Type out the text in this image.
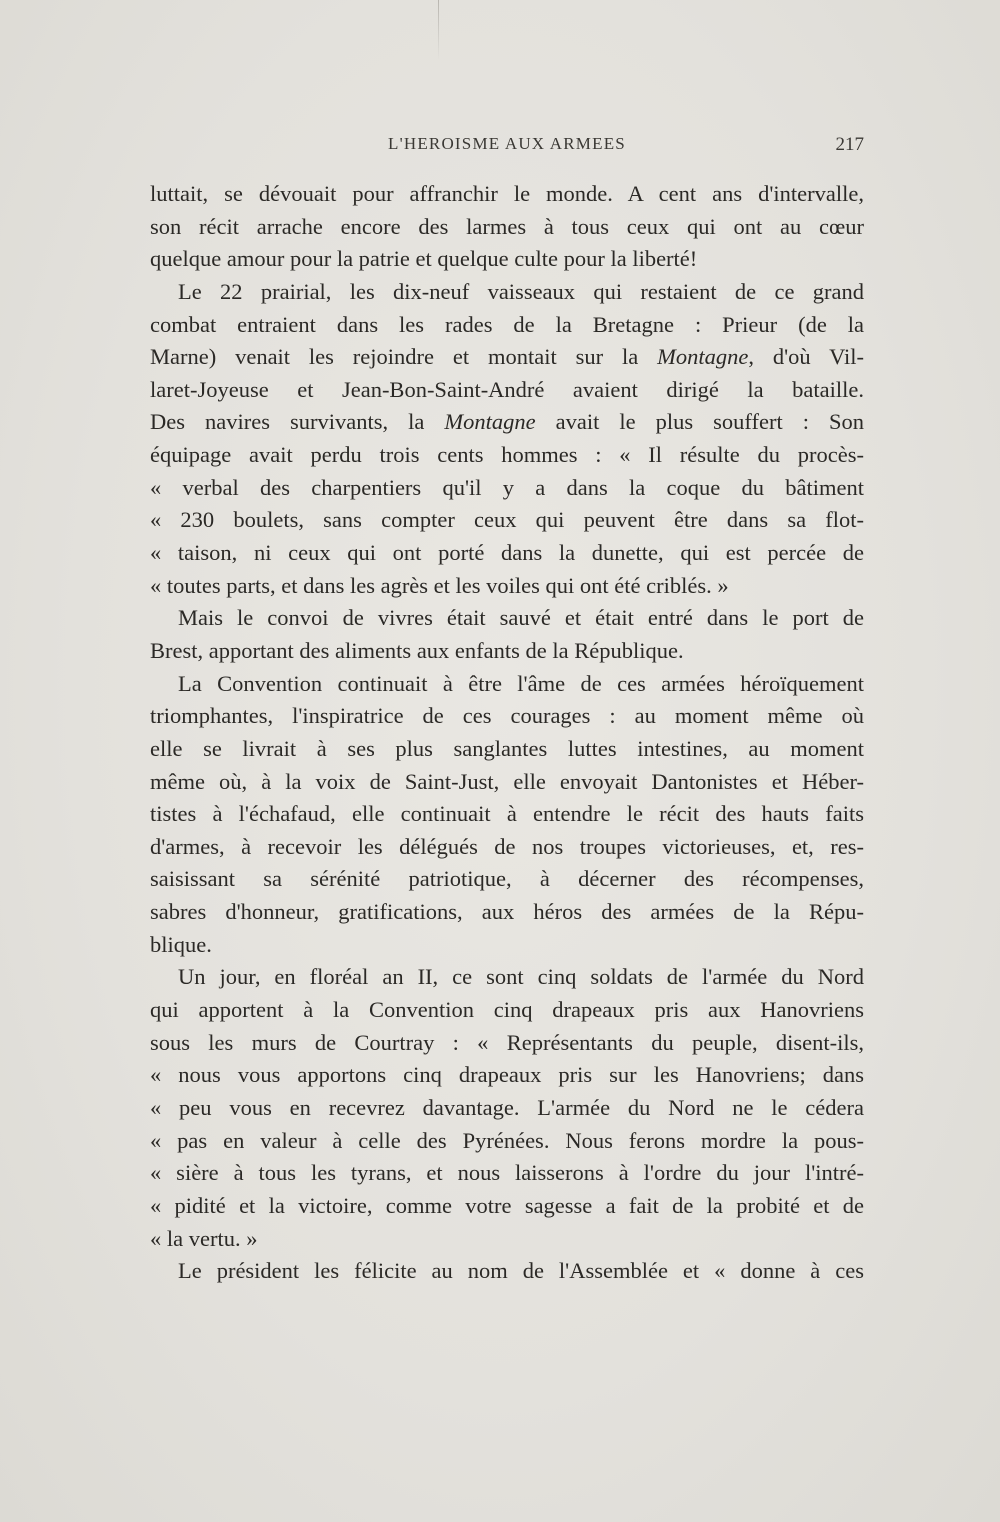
L'HEROISME AUX ARMEES	217
luttait, se dévouait pour affranchir le monde. A cent ans d'intervalle,
son récit arrache encore des larmes à tous ceux qui ont au cœur
quelque amour pour la patrie et quelque culte pour la liberté!
Le 22 prairial, les dix-neuf vaisseaux qui restaient de ce grand
combat entraient dans les rades de la Bretagne : Prieur (de la
Marne) venait les rejoindre et montait sur la Montagne, d'où Vil-
laret-Joyeuse et Jean-Bon-Saint-André avaient dirigé la bataille.
Des navires survivants, la Montagne avait le plus souffert : Son
équipage avait perdu trois cents hommes : « Il résulte du procès-
« verbal des charpentiers qu'il y a dans la coque du bâtiment
« 230 boulets, sans compter ceux qui peuvent être dans sa flot-
« taison, ni ceux qui ont porté dans la dunette, qui est percée de
« toutes parts, et dans les agrès et les voiles qui ont été criblés. »
Mais le convoi de vivres était sauvé et était entré dans le port de
Brest, apportant des aliments aux enfants de la République.
La Convention continuait à être l'âme de ces armées héroïquement
triomphantes, l'inspiratrice de ces courages : au moment même où
elle se livrait à ses plus sanglantes luttes intestines, au moment
même où, à la voix de Saint-Just, elle envoyait Dantonistes et Héber-
tistes à l'échafaud, elle continuait à entendre le récit des hauts faits
d'armes, à recevoir les délégués de nos troupes victorieuses, et, res-
saisissant sa sérénité patriotique, à décerner des récompenses,
sabres d'honneur, gratifications, aux héros des armées de la Répu-
blique.
Un jour, en floréal an II, ce sont cinq soldats de l'armée du Nord
qui apportent à la Convention cinq drapeaux pris aux Hanovriens
sous les murs de Courtray : « Représentants du peuple, disent-ils,
« nous vous apportons cinq drapeaux pris sur les Hanovriens; dans
« peu vous en recevrez davantage. L'armée du Nord ne le cédera
« pas en valeur à celle des Pyrénées. Nous ferons mordre la pous-
« sière à tous les tyrans, et nous laisserons à l'ordre du jour l'intré-
« pidité et la victoire, comme votre sagesse a fait de la probité et de
« la vertu. »
Le président les félicite au nom de l'Assemblée et « donne à ces
